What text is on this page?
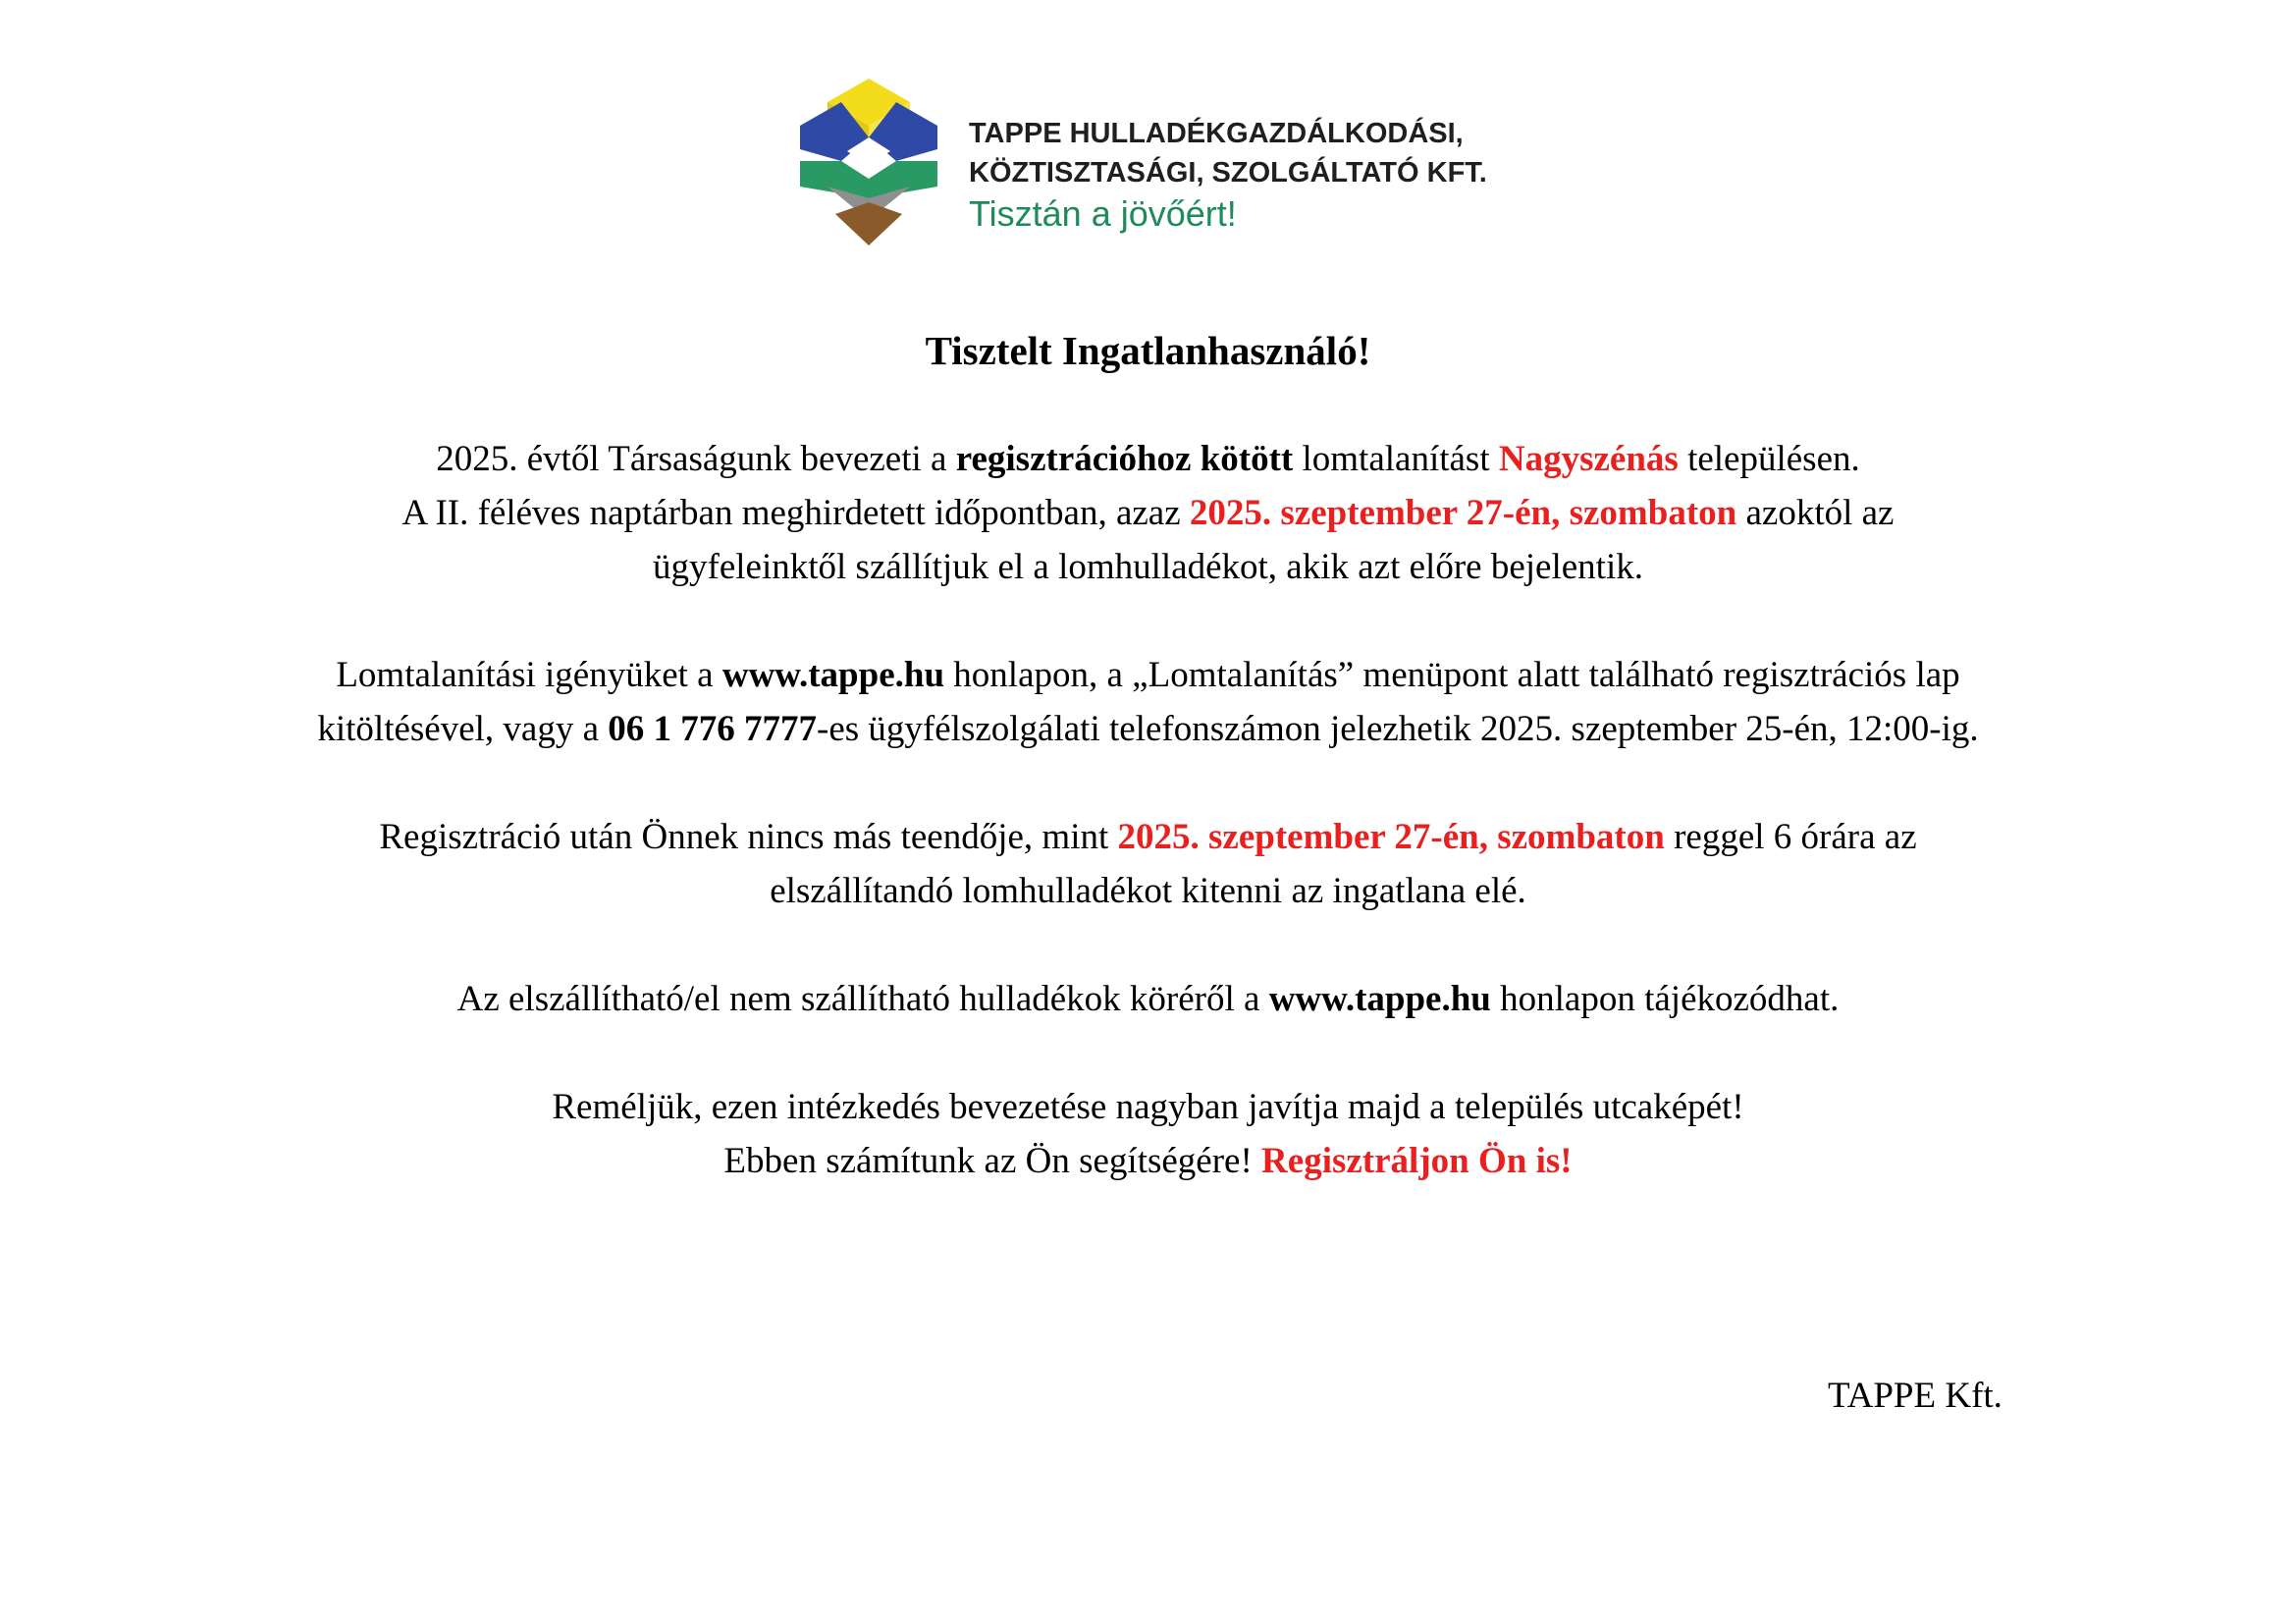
TAPPE HULLADÉKGAZDÁLKODÁSI,
KÖZTISZTASÁGI, SZOLGÁLTATÓ KFT.
Tisztán a jövőért!
Tisztelt Ingatlanhasználó!
2025. évtől Társaságunk bevezeti a regisztrációhoz kötött lomtalanítást Nagyszénás településen.
A II. féléves naptárban meghirdetett időpontban, azaz 2025. szeptember 27-én, szombaton azoktól az
ügyfeleinktől szállítjuk el a lomhulladékot, akik azt előre bejelentik.
Lomtalanítási igényüket a www.tappe.hu honlapon, a „Lomtalanítás” menüpont alatt található regisztrációs lap
kitöltésével, vagy a 06 1 776 7777-es ügyfélszolgálati telefonszámon jelezhetik 2025. szeptember 25-én, 12:00-ig.
Regisztráció után Önnek nincs más teendője, mint 2025. szeptember 27-én, szombaton reggel 6 órára az
elszállítandó lomhulladékot kitenni az ingatlana elé.
Az elszállítható/el nem szállítható hulladékok köréről a www.tappe.hu honlapon tájékozódhat.
Reméljük, ezen intézkedés bevezetése nagyban javítja majd a település utcaképét!
Ebben számítunk az Ön segítségére! Regisztráljon Ön is!
TAPPE Kft.
